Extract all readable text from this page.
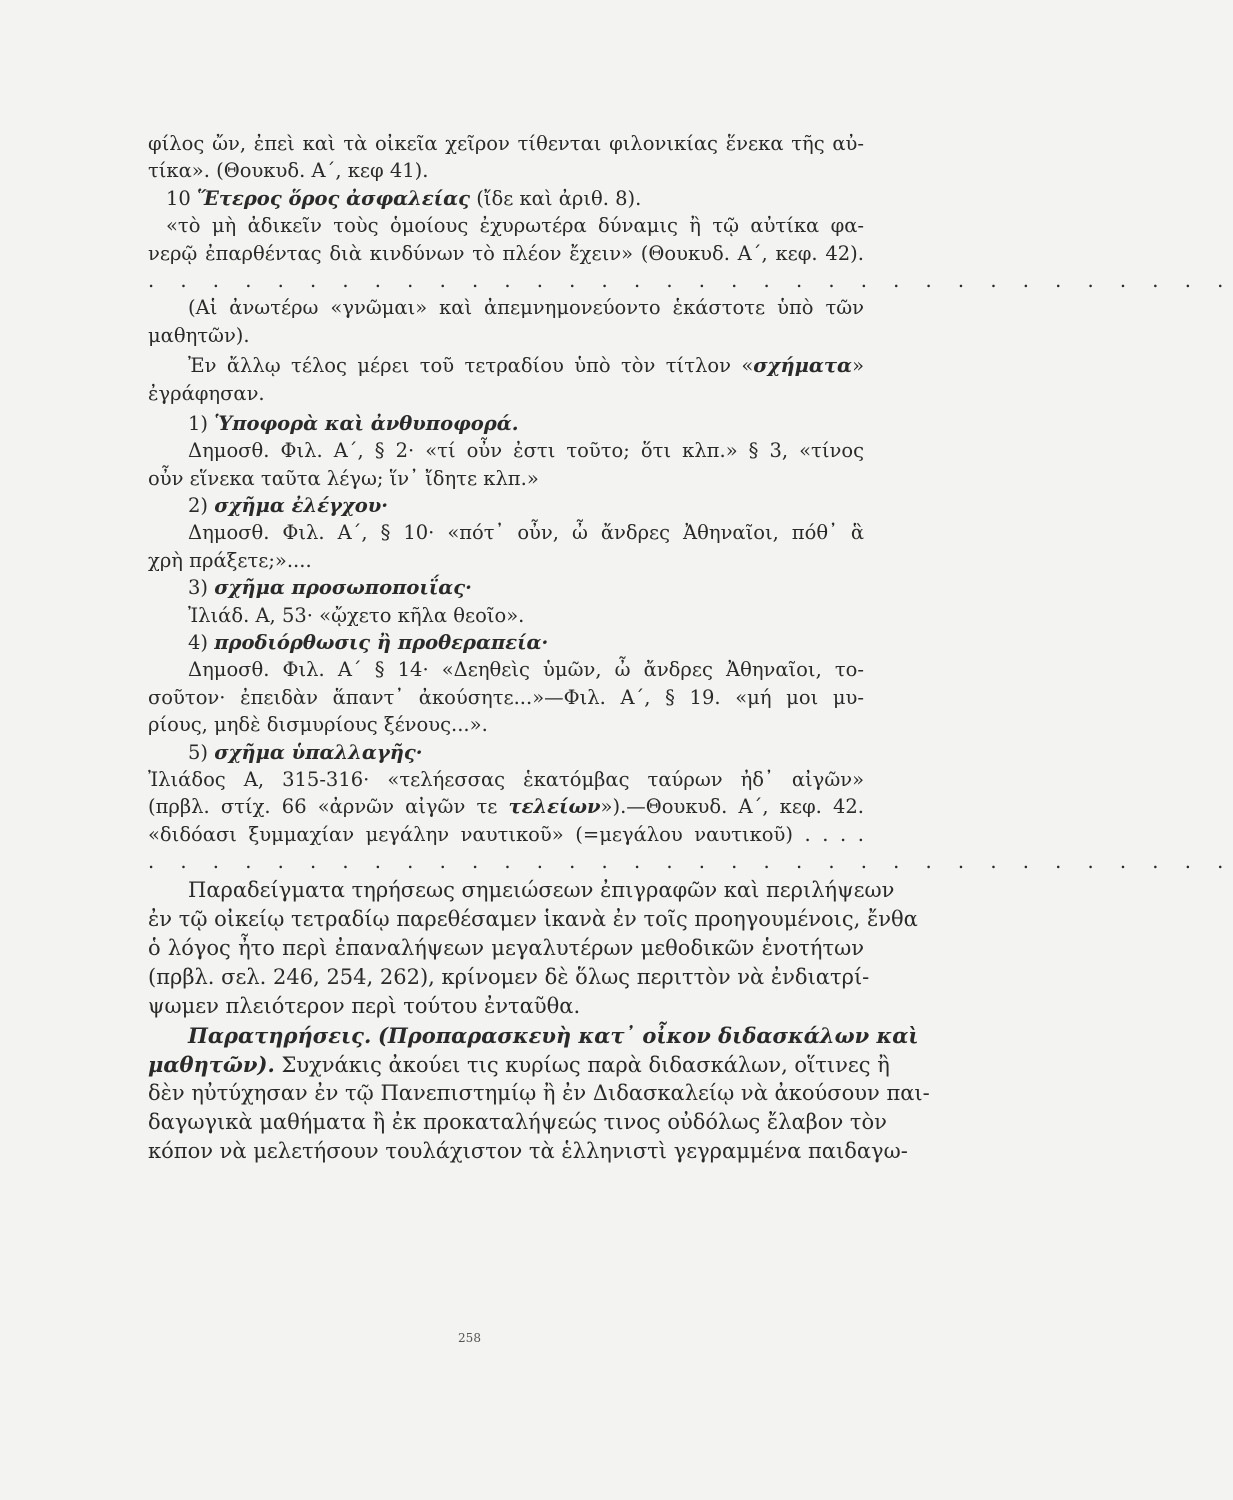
φίλος ὤν, ἐπεὶ καὶ τὰ οἰκεῖα χεῖρον τίθενται φιλονικίας ἕνεκα τῆς αὐ-
τίκα». (Θουκυδ. Α΄, κεφ 41).
10 Ἕτερος ὅρος ἀσφαλείας (ἴδε καὶ ἀριθ. 8).
«τὸ μὴ ἀδικεῖν τοὺς ὁμοίους ἐχυρωτέρα δύναμις ἢ τῷ αὐτίκα φα-
νερῷ ἐπαρθέντας διὰ κινδύνων τὸ πλέον ἔχειν» (Θουκυδ. Α΄, κεφ. 42).
. . . . . . . . . . . . . . . . . . . . . . . . . . . . . . . . . .
(Αἱ ἀνωτέρω «γνῶμαι» καὶ ἀπεμνημονεύοντο ἑκάστοτε ὑπὸ τῶν
μαθητῶν).
Ἐν ἄλλῳ τέλος μέρει τοῦ τετραδίου ὑπὸ τὸν τίτλον «σχήματα»
ἐγράφησαν.
1) Ὑποφορὰ καὶ ἀνθυποφορά.
Δημοσθ. Φιλ. Α΄, § 2· «τί οὖν ἐστι τοῦτο; ὅτι κλπ.» § 3, «τίνος
οὖν εἵνεκα ταῦτα λέγω; ἵν᾽ ἴδητε κλπ.»
2) σχῆμα ἐλέγχου·
Δημοσθ. Φιλ. Α΄, § 10· «πότ᾽ οὖν, ὦ ἄνδρες Ἀθηναῖοι, πόθ᾽ ἃ
χρὴ πράξετε;»....
3) σχῆμα προσωποποιΐας·
Ἰλιάδ. Α, 53· «ᾤχετο κῆλα θεοῖο».
4) προδιόρθωσις ἢ προθεραπεία·
Δημοσθ. Φιλ. Α΄ § 14· «Δεηθεὶς ὑμῶν, ὦ ἄνδρες Ἀθηναῖοι, το-
σοῦτον· ἐπειδὰν ἅπαντ᾽ ἀκούσητε...»—Φιλ. Α΄, § 19. «μή μοι μυ-
ρίους, μηδὲ δισμυρίους ξένους...».
5) σχῆμα ὑπαλλαγῆς·
Ἰλιάδος Α, 315-316· «τελήεσσας ἑκατόμβας ταύρων ἠδ᾽ αἰγῶν»
(πρβλ. στίχ. 66 «ἀρνῶν αἰγῶν τε τελείων»).—Θουκυδ. Α΄, κεφ. 42.
«διδόασι ξυμμαχίαν μεγάλην ναυτικοῦ» (=μεγάλου ναυτικοῦ) . . . .
. . . . . . . . . . . . . . . . . . . . . . . . . . . . . . . . . .
Παραδείγματα τηρήσεως σημειώσεων ἐπιγραφῶν καὶ περιλήψεων
ἐν τῷ οἰκείῳ τετραδίῳ παρεθέσαμεν ἱκανὰ ἐν τοῖς προηγουμένοις, ἔνθα
ὁ λόγος ἦτο περὶ ἐπαναλήψεων μεγαλυτέρων μεθοδικῶν ἑνοτήτων
(πρβλ. σελ. 246, 254, 262), κρίνομεν δὲ ὅλως περιττὸν νὰ ἐνδιατρί-
ψωμεν πλειότερον περὶ τούτου ἐνταῦθα.
Παρατηρήσεις. (Προπαρασκευὴ κατ᾽ οἶκον διδασκάλων καὶ
μαθητῶν). Συχνάκις ἀκούει τις κυρίως παρὰ διδασκάλων, οἵτινες ἢ
δὲν ηὐτύχησαν ἐν τῷ Πανεπιστημίῳ ἢ ἐν Διδασκαλείῳ νὰ ἀκούσουν παι-
δαγωγικὰ μαθήματα ἢ ἐκ προκαταλήψεώς τινος οὐδόλως ἔλαβον τὸν
κόπον νὰ μελετήσουν τουλάχιστον τὰ ἑλληνιστὶ γεγραμμένα παιδαγω-
258
